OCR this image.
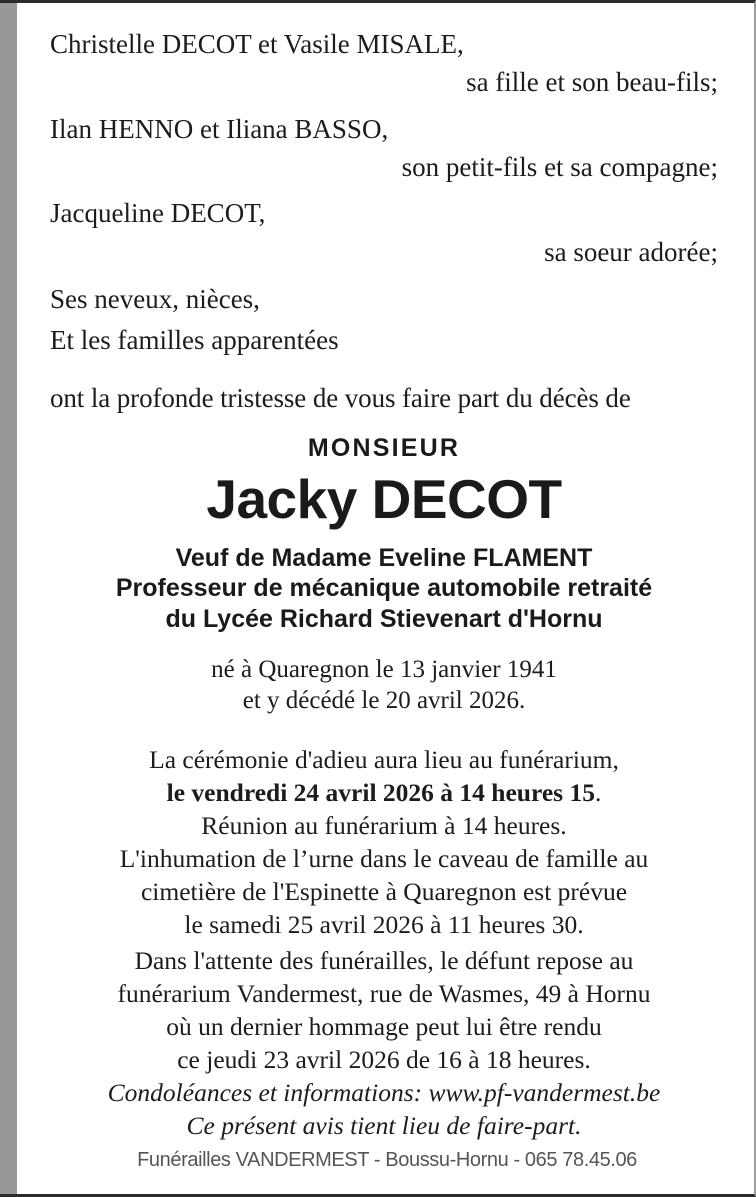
Christelle DECOT et Vasile MISALE,
sa fille et son beau-fils;
Ilan HENNO et Iliana BASSO,
son petit-fils et sa compagne;
Jacqueline DECOT,
sa soeur adorée;
Ses neveux, nièces,
Et les familles apparentées
ont la profonde tristesse de vous faire part du décès de
MONSIEUR
Jacky DECOT
Veuf de Madame Eveline FLAMENT
Professeur de mécanique automobile retraité
du Lycée Richard Stievenart d'Hornu
né à Quaregnon le 13 janvier 1941
et y décédé le 20 avril 2026.
La cérémonie d'adieu aura lieu au funérarium,
le vendredi 24 avril 2026 à 14 heures 15.
Réunion au funérarium à 14 heures.
L'inhumation de l’urne dans le caveau de famille au
cimetière de l'Espinette à Quaregnon est prévue
le samedi 25 avril 2026 à 11 heures 30.
Dans l'attente des funérailles, le défunt repose au
funérarium Vandermest, rue de Wasmes, 49 à Hornu
où un dernier hommage peut lui être rendu
ce jeudi 23 avril 2026 de 16 à 18 heures.
Condoléances et informations: www.pf-vandermest.be
Ce présent avis tient lieu de faire-part.
Funérailles VANDERMEST - Boussu-Hornu - 065 78.45.06
